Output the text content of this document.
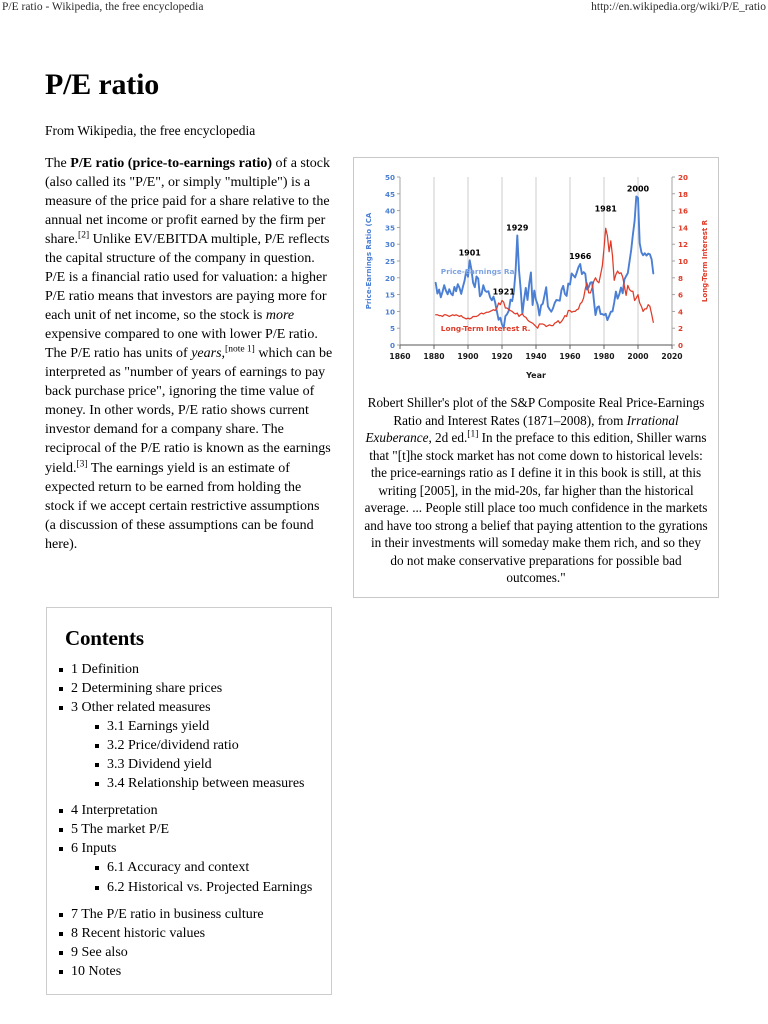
P/E ratio - Wikipedia, the free encyclopedia	http://en.wikipedia.org/wiki/P/E_ratio
P/E ratio
From Wikipedia, the free encyclopedia
The P/E ratio (price-to-earnings ratio) of a stock (also called its "P/E", or simply "multiple") is a measure of the price paid for a share relative to the annual net income or profit earned by the firm per share.[2] Unlike EV/EBITDA multiple, P/E reflects the capital structure of the company in question. P/E is a financial ratio used for valuation: a higher P/E ratio means that investors are paying more for each unit of net income, so the stock is more expensive compared to one with lower P/E ratio. The P/E ratio has units of years,[note 1] which can be interpreted as "number of years of earnings to pay back purchase price", ignoring the time value of money. In other words, P/E ratio shows current investor demand for a company share. The reciprocal of the P/E ratio is known as the earnings yield.[3] The earnings yield is an estimate of expected return to be earned from holding the stock if we accept certain restrictive assumptions (a discussion of these assumptions can be found here).
0
5
10
15
20
25
30
35
40
45
50
0
2
4
6
8
10
12
14
16
18
20
1860 1880 1900 1920 1940 1960 1980 2000 2020
Year
Price-Earnings Ratio (CA	Long-Term Interest R
Price-Earnings Ra
Long-Term Interest R.
1901
1921
1929
1966
1981
2000
Robert Shiller's plot of the S&P Composite Real Price-Earnings Ratio and Interest Rates (1871–2008), from Irrational Exuberance, 2d ed.[1] In the preface to this edition, Shiller warns that "[t]he stock market has not come down to historical levels: the price-earnings ratio as I define it in this book is still, at this writing [2005], in the mid-20s, far higher than the historical average. ... People still place too much confidence in the markets and have too strong a belief that paying attention to the gyrations in their investments will someday make them rich, and so they do not make conservative preparations for possible bad outcomes."
Contents
1 Definition
2 Determining share prices
3 Other related measures
3.1 Earnings yield
3.2 Price/dividend ratio
3.3 Dividend yield
3.4 Relationship between measures
4 Interpretation
5 The market P/E
6 Inputs
6.1 Accuracy and context
6.2 Historical vs. Projected Earnings
7 The P/E ratio in business culture
8 Recent historic values
9 See also
10 Notes
